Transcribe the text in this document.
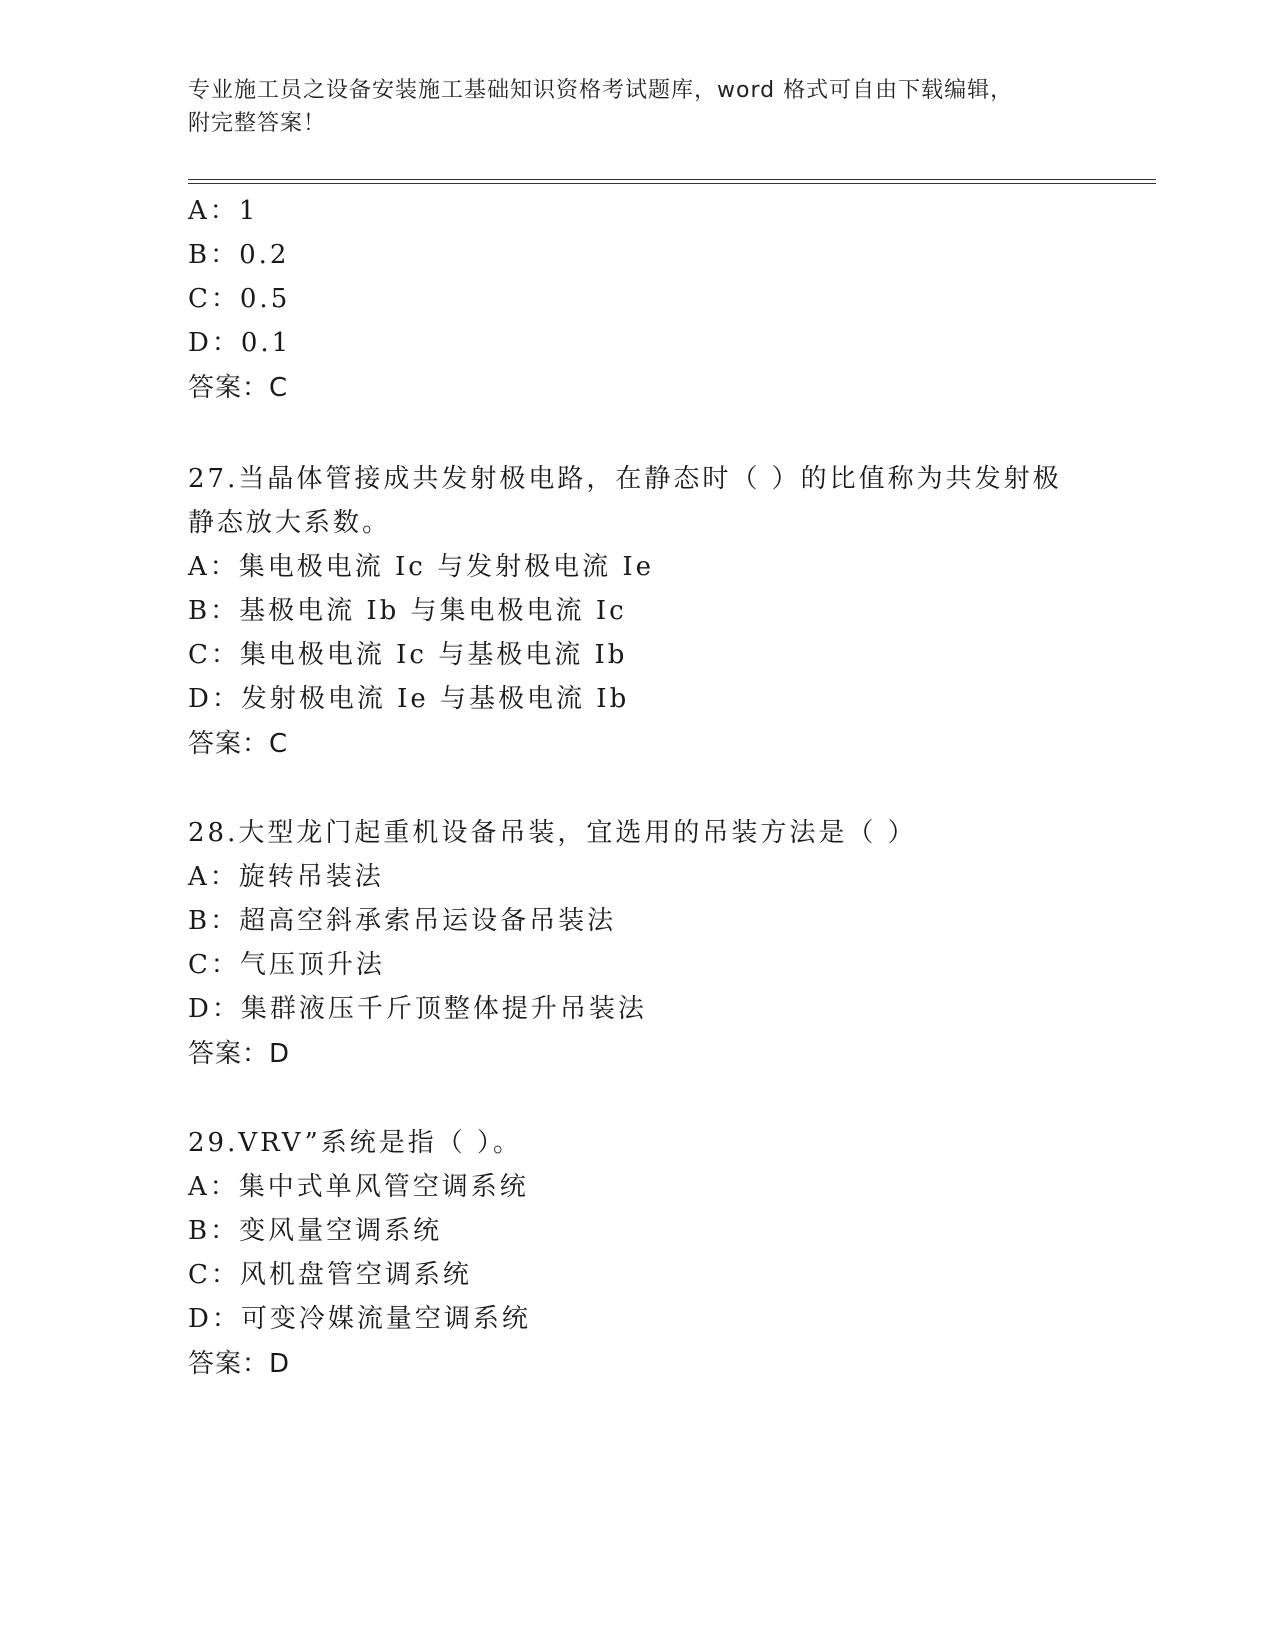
专业施工员之设备安装施工基础知识资格考试题库，word 格式可自由下载编辑，
附完整答案！
A：1
B：0.2
C：0.5
D：0.1
答案：C
27.当晶体管接成共发射极电路，在静态时（ ）的比值称为共发射极
静态放大系数。
A：集电极电流 Ic 与发射极电流 Ie
B：基极电流 Ib 与集电极电流 Ic
C：集电极电流 Ic 与基极电流 Ib
D：发射极电流 Ie 与基极电流 Ib
答案：C
28.大型龙门起重机设备吊装，宜选用的吊装方法是（ ）
A：旋转吊装法
B：超高空斜承索吊运设备吊装法
C：气压顶升法
D：集群液压千斤顶整体提升吊装法
答案：D
29.VRV”系统是指（ ）。
A：集中式单风管空调系统
B：变风量空调系统
C：风机盘管空调系统
D：可变冷媒流量空调系统
答案：D
